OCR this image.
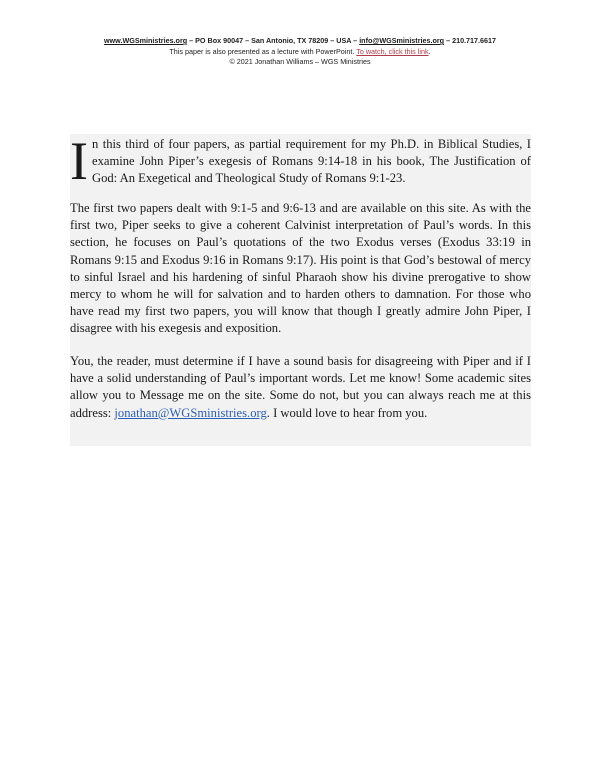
www.WGSministries.org – PO Box 90047 – San Antonio, TX 78209 – USA – info@WGSministries.org – 210.717.6617
This paper is also presented as a lecture with PowerPoint. To watch, click this link.
© 2021 Jonathan Williams – WGS Ministries
In this third of four papers, as partial requirement for my Ph.D. in Biblical Studies, I examine John Piper’s exegesis of Romans 9:14-18 in his book, The Justification of God: An Exegetical and Theological Study of Romans 9:1-23.
The first two papers dealt with 9:1-5 and 9:6-13 and are available on this site. As with the first two, Piper seeks to give a coherent Calvinist interpretation of Paul’s words. In this section, he focuses on Paul’s quotations of the two Exodus verses (Exodus 33:19 in Romans 9:15 and Exodus 9:16 in Romans 9:17). His point is that God’s bestowal of mercy to sinful Israel and his hardening of sinful Pharaoh show his divine prerogative to show mercy to whom he will for salvation and to harden others to damnation. For those who have read my first two papers, you will know that though I greatly admire John Piper, I disagree with his exegesis and exposition.
You, the reader, must determine if I have a sound basis for disagreeing with Piper and if I have a solid understanding of Paul’s important words. Let me know! Some academic sites allow you to Message me on the site. Some do not, but you can always reach me at this address: jonathan@WGSministries.org. I would love to hear from you.
